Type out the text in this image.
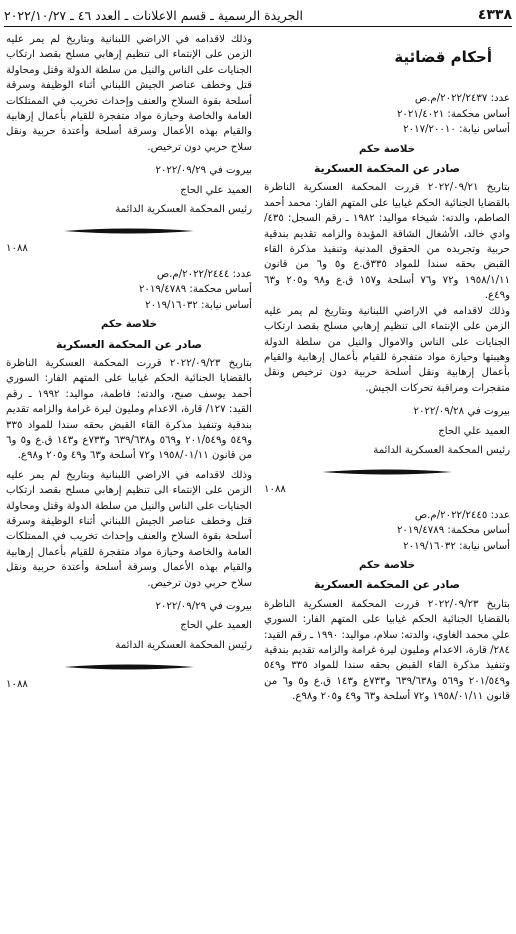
٤٣٣٨
الجريدة الرسمية ـ قسم الاعلانات ـ العدد ٤٦ ـ ٢٠٢٢/١٠/٢٧
أحكام قضائية

عدد: ٢٠٢٢/٢٤٣٧/م.ص

أساس محكمة: ٢٠٢١/٤٠٢١

أساس نيابة: ٢٠١٧/٢٠٠١٠

خلاصة حكم
صادر عن المحكمة العسكرية

بتاريخ ٢٠٢٢/٠٩/٢١ قررت المحكمة العسكرية الناظرة بالقضايا الجنائية الحكم غيابيا على المتهم الفار: محمد أحمد الصاطم، والدته: شيخاء مواليد: ١٩٨٢ ـ رقم السجل: ٤٣٥/ وادي خالد، الأشغال الشاقة المؤبدة والزامه تقديم بندقية حربية وتجريده من الحقوق المدنية وتنفيذ مذكرة القاء القبض بحقه سندا للمواد ٣٣٥ق.ع و٥ و٦ من قانون ١٩٥٨/١/١١ و٧٢ و٧٦ أسلحة و١٥٧ ق.ع و٩٨ و٢٠٥ و٦٣ و٤٩ع.

وذلك لاقدامه في الاراضي اللبنانية وبتاريخ لم يمر عليه الزمن على الإنتماء الى تنظيم إرهابي مسلح بقصد ارتكاب الجنايات على الناس والاموال والنيل من سلطة الدولة وهيبتها وحيازة مواد متفجرة للقيام بأعمال إرهابية والقيام بأعمال إرهابية ونقل أسلحة حربية دون ترخيص ونقل متفجرات ومراقبة تحركات الجيش.

بيروت في ٢٠٢٢/٠٩/٢٨

العميد علي الحاج

رئيس المحكمة العسكرية الدائمة

١٠٨٨

عدد: ٢٠٢٢/٢٤٤٥/م.ص

أساس محكمة: ٢٠١٩/٤٧٨٩

أساس نيابة: ٢٠١٩/١٦٠٣٢

خلاصة حكم
صادر عن المحكمة العسكرية

بتاريخ ٢٠٢٢/٠٩/٢٣ قررت المحكمة العسكرية الناظرة بالقضايا الجنائية الحكم غيابيا على المتهم الفار: السوري علي محمد الغاوي، والدته: سلام، مواليد: ١٩٩٠ ـ رقم القيد: ٢٨٤/ قارة، الاعدام ومليون ليرة غرامة والزامه تقديم بندقية وتنفيذ مذكرة القاء القبض بحقه سندا للمواد ٣٣٥ و٥٤٩ و٢٠١/٥٤٩ و٥٦٩ و٦٣٩/٦٣٨ و٧٣٣ع و١٤٣ ق.ع و٥ و٦ من قانون ١٩٥٨/٠١/١١ و٧٢ أسلحة و٦٣ و٤٩ و٢٠٥ و٩٨ع.

وذلك لاقدامه في الاراضي اللبنانية وبتاريخ لم يمر عليه الزمن على الإنتماء الى تنظيم إرهابي مسلح بقصد ارتكاب الجنايات على الناس والنيل من سلطة الدولة وقتل ومحاولة قتل وخطف عناصر الجيش اللبناني أثناء الوظيفة وسرقة أسلحة بقوة السلاح والعنف وإحداث تخريب في الممتلكات العامة والخاصة وحيازة مواد متفجرة للقيام بأعمال إرهابية والقيام بهذه الأعمال وسرقة أسلحة وأعتدة حربية ونقل سلاح حربي دون ترخيص.

بيروت في ٢٠٢٢/٠٩/٢٩

العميد علي الحاج

رئيس المحكمة العسكرية الدائمة

١٠٨٨

عدد: ٢٠٢٢/٢٤٤٤/م.ص

أساس محكمة: ٢٠١٩/٤٧٨٩

أساس نيابة: ٢٠١٩/١٦٠٣٢

خلاصة حكم
صادر عن المحكمة العسكرية

بتاريخ ٢٠٢٢/٠٩/٢٣ قررت المحكمة العسكرية الناظرة بالقضايا الجنائية الحكم غيابيا على المتهم الفار: السوري أحمد يوسف صبح، والدته: فاطمة، مواليد: ١٩٩٢ ـ رقم القيد: ١٢٧/ قارة، الاعدام ومليون ليرة غرامة والزامه تقديم بندقية وتنفيذ مذكرة القاء القبض بحقه سندا للمواد ٣٣٥ و٥٤٩ و٢٠١/٥٤٩ و٥٦٩ و٦٣٩/٦٣٨ و٧٣٣ع و١٤٣ ق.ع و٥ و٦ من قانون ١٩٥٨/٠١/١١ و٧٢ أسلحة و٦٣ و٤٩ و٢٠٥ و٩٨ع.

وذلك لاقدامه في الاراضي اللبنانية وبتاريخ لم يمر عليه الزمن على الإنتماء الى تنظيم إرهابي مسلح بقصد ارتكاب الجنايات على الناس والنيل من سلطة الدولة وقتل ومحاولة قتل وخطف عناصر الجيش اللبناني أثناء الوظيفة وسرقة أسلحة بقوة السلاح والعنف وإحداث تخريب في الممتلكات العامة والخاصة وحيازة مواد متفجرة للقيام بأعمال إرهابية والقيام بهذه الأعمال وسرقة أسلحة وأعتدة حربية ونقل سلاح حربي دون ترخيص.

بيروت في ٢٠٢٢/٠٩/٢٩

العميد علي الحاج

رئيس المحكمة العسكرية الدائمة

١٠٨٨
